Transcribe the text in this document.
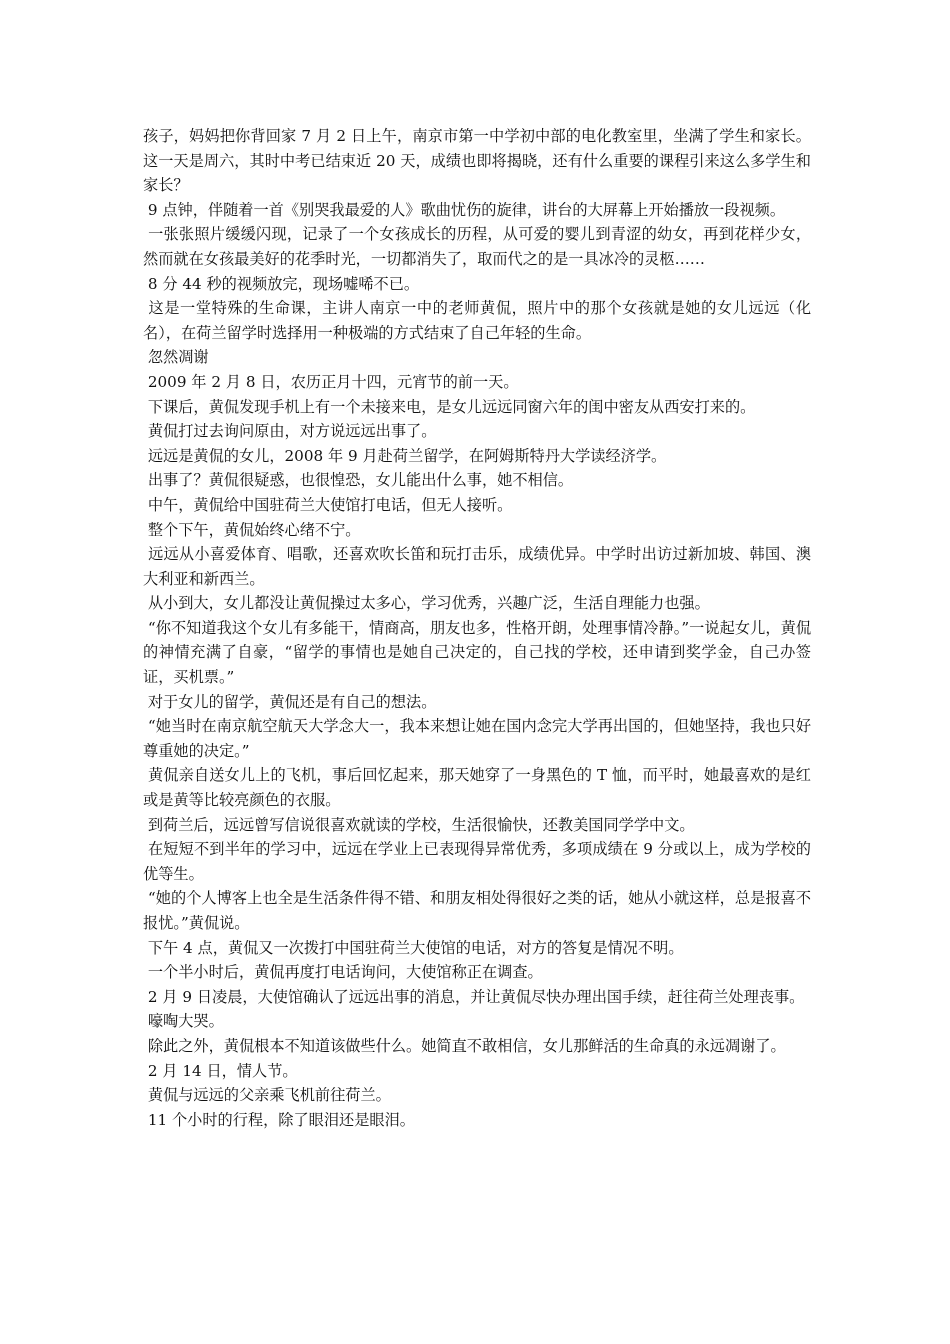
孩子，妈妈把你背回家 7 月 2 日上午，南京市第一中学初中部的电化教室里，坐满了学生和家长。 这一天是周六，其时中考已结束近 20 天，成绩也即将揭晓，还有什么重要的课程引来这么多学生和家长？

9 点钟，伴随着一首《别哭我最爱的人》歌曲忧伤的旋律，讲台的大屏幕上开始播放一段视频。

一张张照片缓缓闪现，记录了一个女孩成长的历程，从可爱的婴儿到青涩的幼女，再到花样少女，然而就在女孩最美好的花季时光，一切都消失了，取而代之的是一具冰冷的灵柩……

8 分 44 秒的视频放完，现场嘘唏不已。

这是一堂特殊的生命课，主讲人南京一中的老师黄侃，照片中的那个女孩就是她的女儿远远（化名），在荷兰留学时选择用一种极端的方式结束了自己年轻的生命。

忽然凋谢

2009 年 2 月 8 日，农历正月十四，元宵节的前一天。

下课后，黄侃发现手机上有一个未接来电，是女儿远远同窗六年的闺中密友从西安打来的。

黄侃打过去询问原由，对方说远远出事了。

远远是黄侃的女儿，2008 年 9 月赴荷兰留学，在阿姆斯特丹大学读经济学。

出事了？黄侃很疑惑，也很惶恐，女儿能出什么事，她不相信。

中午，黄侃给中国驻荷兰大使馆打电话，但无人接听。

整个下午，黄侃始终心绪不宁。

远远从小喜爱体育、唱歌，还喜欢吹长笛和玩打击乐，成绩优异。中学时出访过新加坡、韩国、澳大利亚和新西兰。

从小到大，女儿都没让黄侃操过太多心，学习优秀，兴趣广泛，生活自理能力也强。

“你不知道我这个女儿有多能干，情商高，朋友也多，性格开朗，处理事情冷静。”一说起女儿，黄侃的神情充满了自豪，“留学的事情也是她自己决定的，自己找的学校，还申请到奖学金，自己办签证，买机票。”

对于女儿的留学，黄侃还是有自己的想法。

“她当时在南京航空航天大学念大一，我本来想让她在国内念完大学再出国的，但她坚持，我也只好尊重她的决定。”

黄侃亲自送女儿上的飞机，事后回忆起来，那天她穿了一身黑色的 T 恤，而平时，她最喜欢的是红或是黄等比较亮颜色的衣服。

到荷兰后，远远曾写信说很喜欢就读的学校，生活很愉快，还教美国同学学中文。

在短短不到半年的学习中，远远在学业上已表现得异常优秀，多项成绩在 9 分或以上，成为学校的优等生。

“她的个人博客上也全是生活条件得不错、和朋友相处得很好之类的话，她从小就这样，总是报喜不报忧。”黄侃说。

下午 4 点，黄侃又一次拨打中国驻荷兰大使馆的电话，对方的答复是情况不明。

一个半小时后，黄侃再度打电话询问，大使馆称正在调查。

2 月 9 日凌晨，大使馆确认了远远出事的消息，并让黄侃尽快办理出国手续，赶往荷兰处理丧事。

嚎啕大哭。

除此之外，黄侃根本不知道该做些什么。她简直不敢相信，女儿那鲜活的生命真的永远凋谢了。

2 月 14 日，情人节。

黄侃与远远的父亲乘飞机前往荷兰。

11 个小时的行程，除了眼泪还是眼泪。
